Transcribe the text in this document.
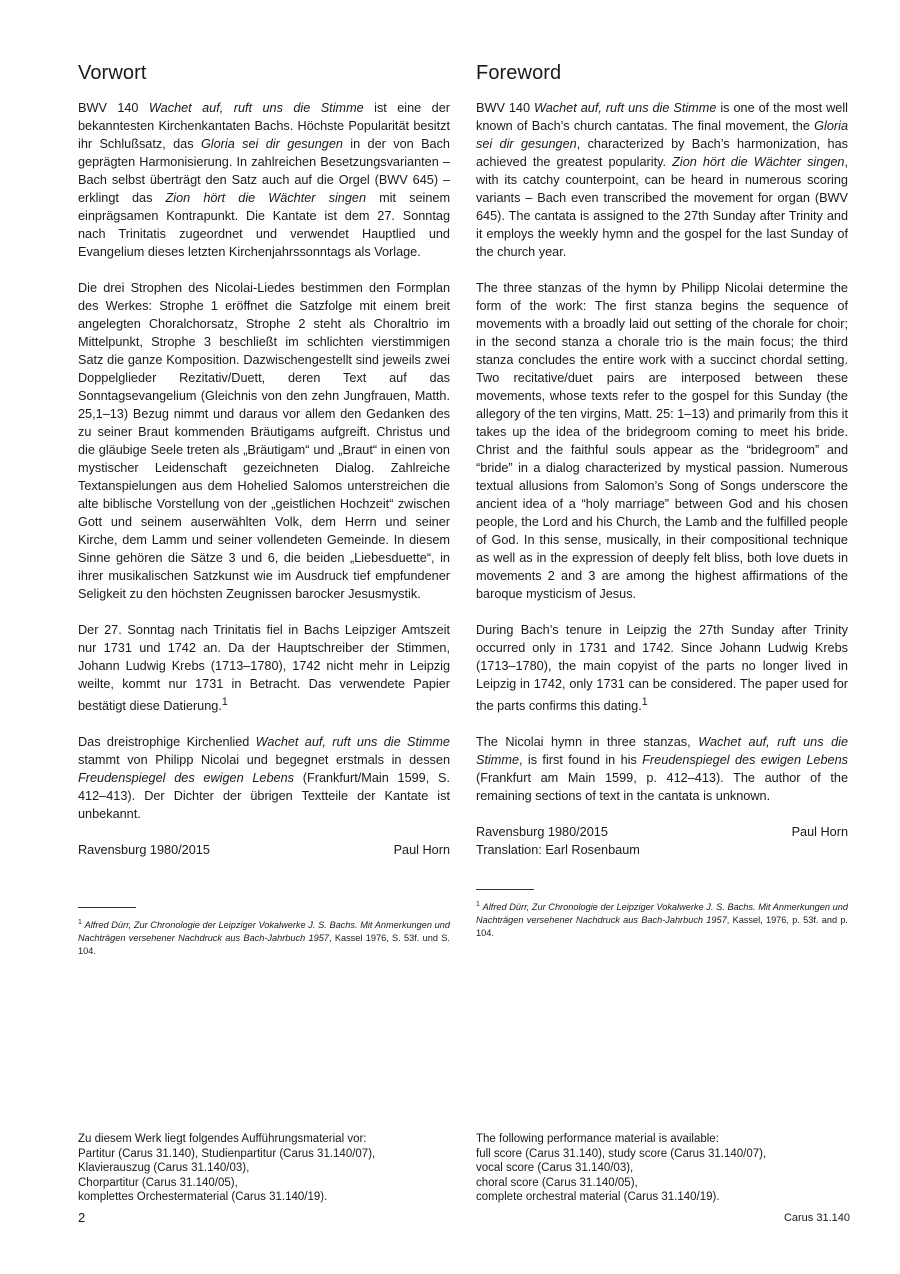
Vorwort

BWV 140 Wachet auf, ruft uns die Stimme ist eine der bekanntesten Kirchenkantaten Bachs. Höchste Popularität besitzt ihr Schlußsatz, das Gloria sei dir gesungen in der von Bach geprägten Harmonisierung. In zahlreichen Besetzungsvarianten – Bach selbst überträgt den Satz auch auf die Orgel (BWV 645) – erklingt das Zion hört die Wächter singen mit seinem einprägsamen Kontrapunkt. Die Kantate ist dem 27. Sonntag nach Trinitatis zugeordnet und verwendet Hauptlied und Evangelium dieses letzten Kirchenjahrssonntags als Vorlage.

Die drei Strophen des Nicolai-Liedes bestimmen den Formplan des Werkes: Strophe 1 eröffnet die Satzfolge mit einem breit angelegten Choralchorsatz, Strophe 2 steht als Choraltrio im Mittelpunkt, Strophe 3 beschließt im schlichten vierstimmigen Satz die ganze Komposition. Dazwischengestellt sind jeweils zwei Doppelglieder Rezitativ/Duett, deren Text auf das Sonntagsevangelium (Gleichnis von den zehn Jungfrauen, Matth. 25,1–13) Bezug nimmt und daraus vor allem den Gedanken des zu seiner Braut kommenden Bräutigams aufgreift. Christus und die gläubige Seele treten als „Bräutigam“ und „Braut“ in einen von mystischer Leidenschaft gezeichneten Dialog. Zahlreiche Textanspielungen aus dem Hohelied Salomos unterstreichen die alte biblische Vorstellung von der „geistlichen Hochzeit“ zwischen Gott und seinem auserwählten Volk, dem Herrn und seiner Kirche, dem Lamm und seiner vollendeten Gemeinde. In diesem Sinne gehören die Sätze 3 und 6, die beiden „Liebesduette“, in ihrer musikalischen Satzkunst wie im Ausdruck tief empfundener Seligkeit zu den höchsten Zeugnissen barocker Jesusmystik.

Der 27. Sonntag nach Trinitatis fiel in Bachs Leipziger Amtszeit nur 1731 und 1742 an. Da der Hauptschreiber der Stimmen, Johann Ludwig Krebs (1713–1780), 1742 nicht mehr in Leipzig weilte, kommt nur 1731 in Betracht. Das verwendete Papier bestätigt diese Datierung.$^1$

Das dreistrophige Kirchenlied Wachet auf, ruft uns die Stimme stammt von Philipp Nicolai und begegnet erstmals in dessen Freudenspiegel des ewigen Lebens (Frankfurt/Main 1599, S. 412–413). Der Dichter der übrigen Textteile der Kantate ist unbekannt.

Ravensburg 1980/2015	Paul Horn

$^1$ Alfred Dürr, Zur Chronologie der Leipziger Vokalwerke J. S. Bachs. Mit Anmerkungen und Nachträgen versehener Nachdruck aus Bach-Jahrbuch 1957, Kassel 1976, S. 53f. und S. 104.

Foreword

BWV 140 Wachet auf, ruft uns die Stimme is one of the most well known of Bach’s church cantatas. The final movement, the Gloria sei dir gesungen, characterized by Bach’s harmonization, has achieved the greatest popularity. Zion hört die Wächter singen, with its catchy counterpoint, can be heard in numerous scoring variants – Bach even transcribed the movement for organ (BWV 645). The cantata is assigned to the 27th Sunday after Trinity and it employs the weekly hymn and the gospel for the last Sunday of the church year.

The three stanzas of the hymn by Philipp Nicolai determine the form of the work: The first stanza begins the sequence of movements with a broadly laid out setting of the chorale for choir; in the second stanza a chorale trio is the main focus; the third stanza concludes the entire work with a succinct chordal setting. Two recitative/duet pairs are interposed between these movements, whose texts refer to the gospel for this Sunday (the allegory of the ten virgins, Matt. 25: 1–13) and primarily from this it takes up the idea of the bridegroom coming to meet his bride. Christ and the faithful souls appear as the “bridegroom” and “bride” in a dialog characterized by mystical passion. Numerous textual allusions from Salomon’s Song of Songs underscore the ancient idea of a “holy marriage” between God and his chosen people, the Lord and his Church, the Lamb and the fulfilled people of God. In this sense, musically, in their compositional technique as well as in the expression of deeply felt bliss, both love duets in movements 2 and 3 are among the highest affirmations of the baroque mysticism of Jesus.

During Bach’s tenure in Leipzig the 27th Sunday after Trinity occurred only in 1731 and 1742. Since Johann Ludwig Krebs (1713–1780), the main copyist of the parts no longer lived in Leipzig in 1742, only 1731 can be considered. The paper used for the parts confirms this dating.$^1$

The Nicolai hymn in three stanzas, Wachet auf, ruft uns die Stimme, is first found in his Freudenspiegel des ewigen Lebens (Frankfurt am Main 1599, p. 412–413). The author of the remaining sections of text in the cantata is unknown.

Ravensburg 1980/2015	Paul Horn
Translation: Earl Rosenbaum

$^1$ Alfred Dürr, Zur Chronologie der Leipziger Vokalwerke J. S. Bachs. Mit Anmerkungen und Nachträgen versehener Nachdruck aus Bach-Jahrbuch 1957, Kassel, 1976, p. 53f. and p. 104.

Zu diesem Werk liegt folgendes Aufführungsmaterial vor:
Partitur (Carus 31.140), Studienpartitur (Carus 31.140/07),
Klavierauszug (Carus 31.140/03),
Chorpartitur (Carus 31.140/05),
komplettes Orchestermaterial (Carus 31.140/19).
The following performance material is available:
full score (Carus 31.140), study score (Carus 31.140/07),
vocal score (Carus 31.140/03),
choral score (Carus 31.140/05),
complete orchestral material (Carus 31.140/19).
2	Carus 31.140
